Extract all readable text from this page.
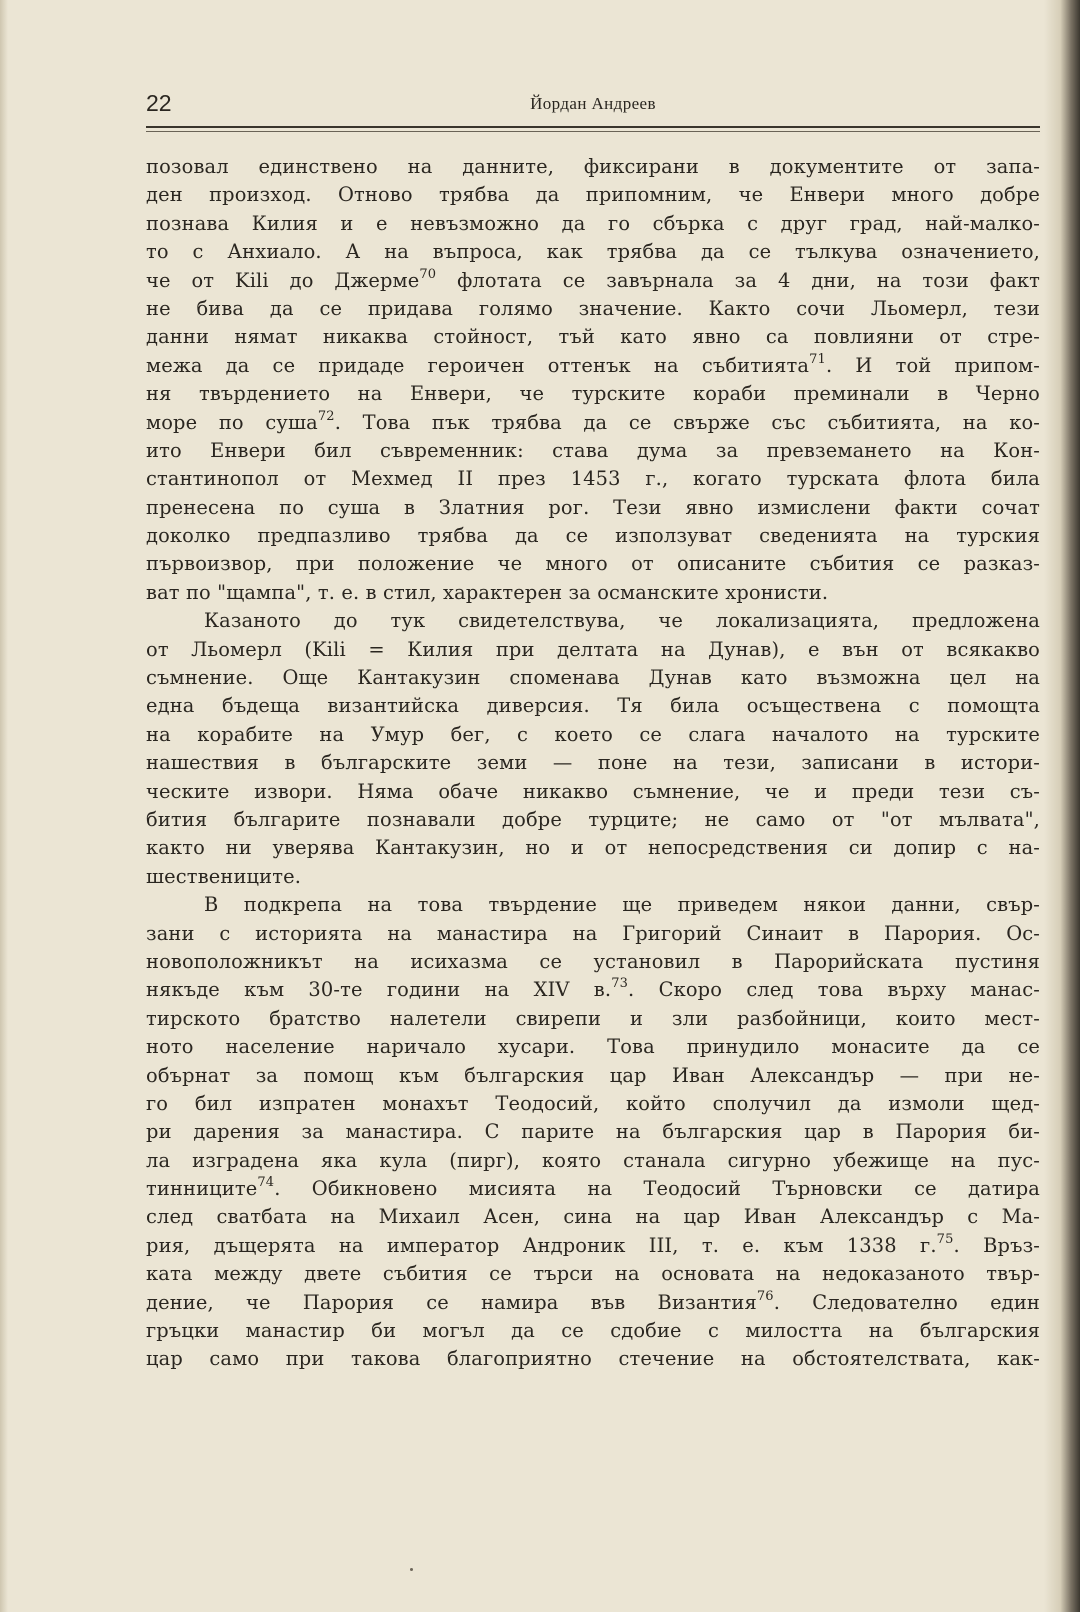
22	Йордан Андреев
позовал единствено на данните, фиксирани в документите от запа-
ден произход. Отново трябва да припомним, че Енвери много добре
познава Килия и е невъзможно да го сбърка с друг град, най-малко-
то с Анхиало. А на въпроса, как трябва да се тълкува означението,
че от Kili до Джерме$^{70}$ флотата се завърнала за 4 дни, на този факт
не бива да се придава голямо значение. Както сочи Льомерл, тези
данни нямат никаква стойност, тъй като явно са повлияни от стре-
межа да се придаде героичен оттенък на събитията$^{71}$. И той припом-
ня твърдението на Енвери, че турските кораби преминали в Черно
море по суша$^{72}$. Това пък трябва да се свърже със събитията, на ко-
ито Енвери бил съвременник: става дума за превземането на Кон-
стантинопол от Мехмед II през 1453 г., когато турската флота била
пренесена по суша в Златния рог. Тези явно измислени факти сочат
доколко предпазливо трябва да се използуват сведенията на турския
първоизвор, при положение че много от описаните събития се разказ-
ват по "щампа", т. е. в стил, характерен за османските хронисти.
Казаното до тук свидетелствува, че локализацията, предложена
от Льомерл (Kili = Килия при делтата на Дунав), е вън от всякакво
съмнение. Още Кантакузин споменава Дунав като възможна цел на
една бъдеща византийска диверсия. Тя била осъществена с помощта
на корабите на Умур бег, с което се слага началото на турските
нашествия в българските земи — поне на тези, записани в истори-
ческите извори. Няма обаче никакво съмнение, че и преди тези съ-
бития българите познавали добре турците; не само от "от мълвата",
както ни уверява Кантакузин, но и от непосредствения си допир с на-
шествениците.
В подкрепа на това твърдение ще приведем някои данни, свър-
зани с историята на манастира на Григорий Синаит в Парория. Ос-
новоположникът на исихазма се установил в Парорийската пустиня
някъде към 30-те години на XIV в.$^{73}$. Скоро след това върху манас-
тирското братство налетели свирепи и зли разбойници, които мест-
ното население наричало хусари. Това принудило монасите да се
обърнат за помощ към българския цар Иван Александър — при не-
го бил изпратен монахът Теодосий, който сполучил да измоли щед-
ри дарения за манастира. С парите на българския цар в Парория би-
ла изградена яка кула (пирг), която станала сигурно убежище на пус-
тинниците$^{74}$. Обикновено мисията на Теодосий Търновски се датира
след сватбата на Михаил Асен, сина на цар Иван Александър с Ма-
рия, дъщерята на император Андроник III, т. е. към 1338 г.$^{75}$. Връз-
ката между двете събития се търси на основата на недоказаното твър-
дение, че Парория се намира във Византия$^{76}$. Следователно един
гръцки манастир би могъл да се сдобие с милостта на българския
цар само при такова благоприятно стечение на обстоятелствата, как-
